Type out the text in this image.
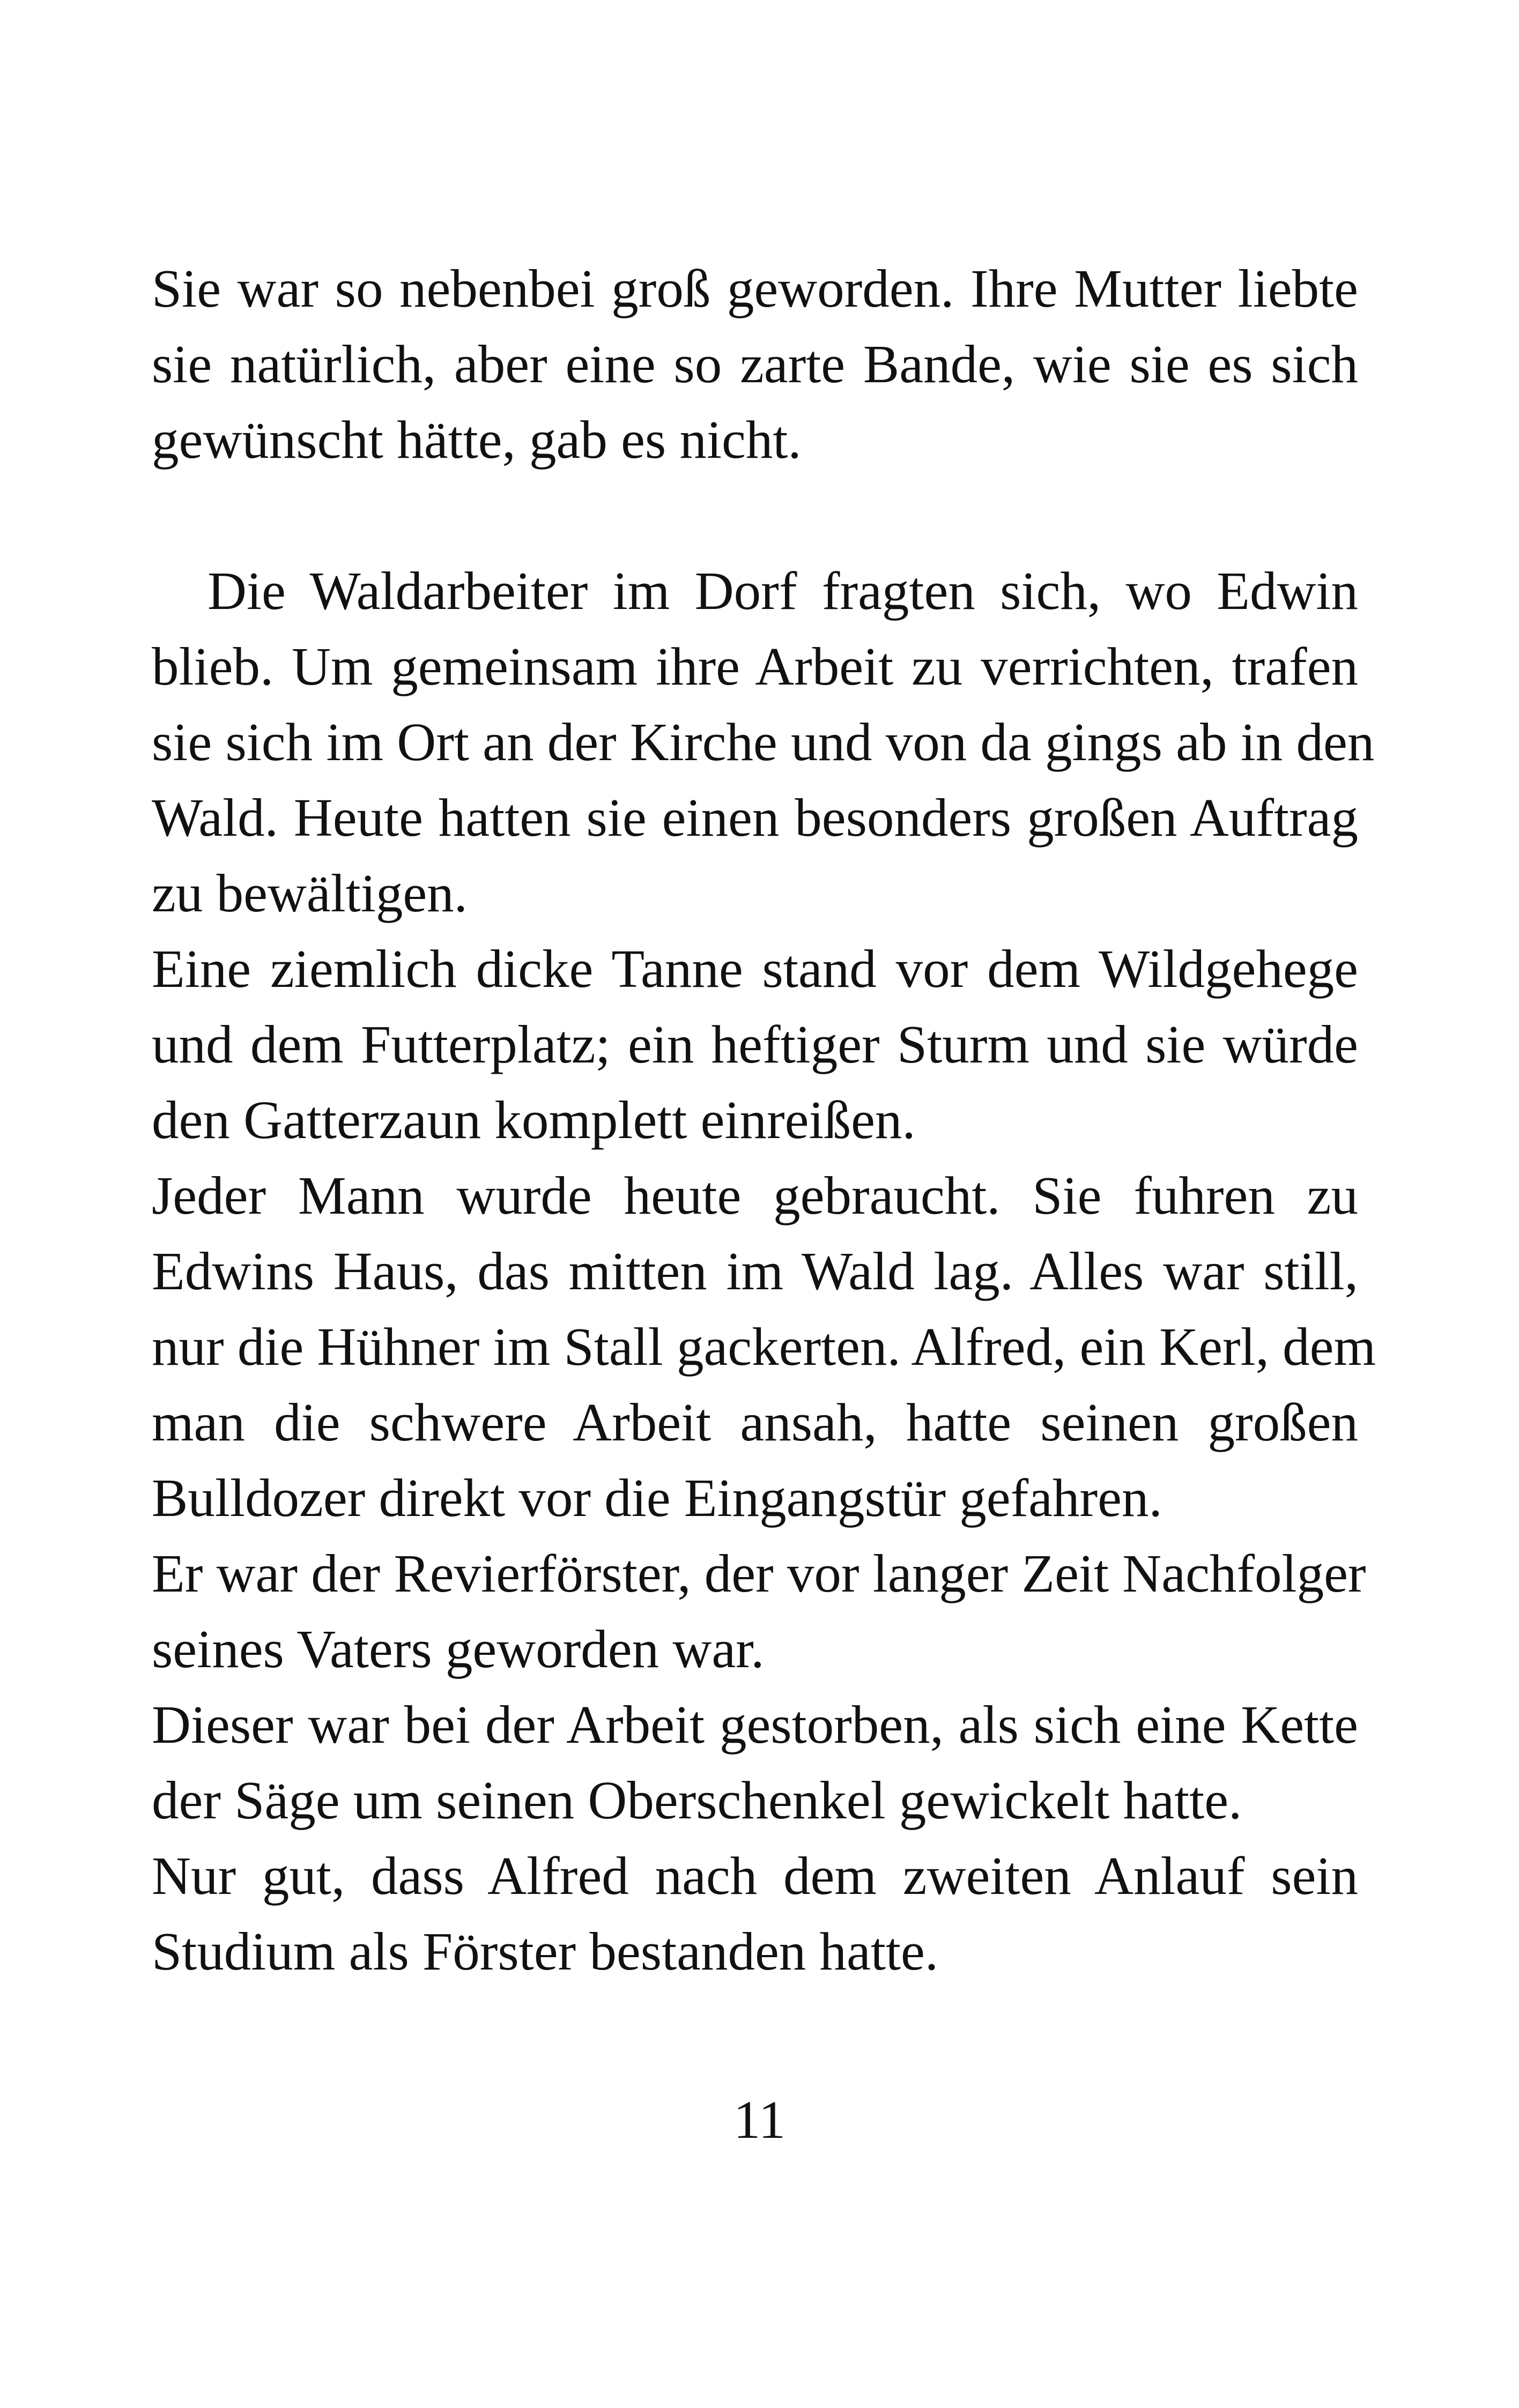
Sie war so nebenbei groß geworden. Ihre Mutter liebte
sie natürlich, aber eine so zarte Bande, wie sie es sich
gewünscht hätte, gab es nicht.

Die Waldarbeiter im Dorf fragten sich, wo Edwin
blieb. Um gemeinsam ihre Arbeit zu verrichten, trafen
sie sich im Ort an der Kirche und von da gings ab in den
Wald. Heute hatten sie einen besonders großen Auftrag
zu bewältigen.

Eine ziemlich dicke Tanne stand vor dem Wildgehege
und dem Futterplatz; ein heftiger Sturm und sie würde
den Gatterzaun komplett einreißen.

Jeder Mann wurde heute gebraucht. Sie fuhren zu
Edwins Haus, das mitten im Wald lag. Alles war still,
nur die Hühner im Stall gackerten. Alfred, ein Kerl, dem
man die schwere Arbeit ansah, hatte seinen großen
Bulldozer direkt vor die Eingangstür gefahren.

Er war der Revierförster, der vor langer Zeit Nachfolger
seines Vaters geworden war.

Dieser war bei der Arbeit gestorben, als sich eine Kette
der Säge um seinen Oberschenkel gewickelt hatte.

Nur gut, dass Alfred nach dem zweiten Anlauf sein
Studium als Förster bestanden hatte.

11
